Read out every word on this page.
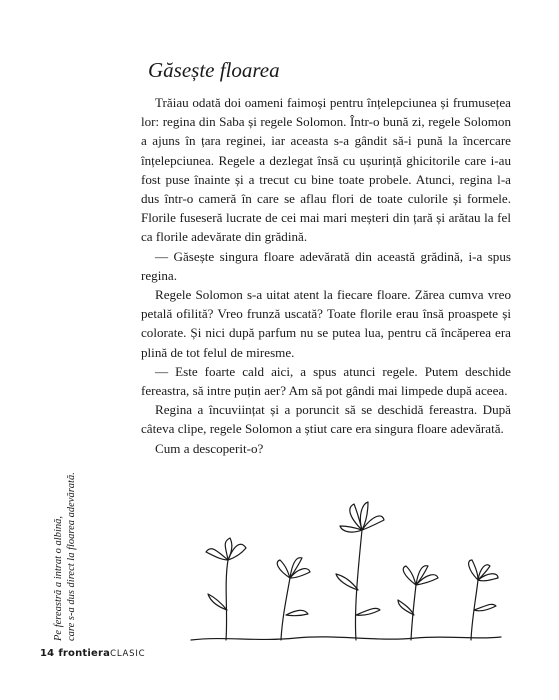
Găsește floarea

Trăiau odată doi oameni faimoși pentru înțelepciunea și frumusețea lor: regina din Saba și regele Solomon. Într-o bună zi, regele Solomon a ajuns în țara reginei, iar aceasta s-a gândit să-i pună la încercare înțelepciunea. Regele a dezlegat însă cu ușurință ghicitorile care i-au fost puse înainte și a trecut cu bine toate probele. Atunci, regina l-a dus într-o cameră în care se aflau flori de toate culorile și formele. Florile fuseseră lucrate de cei mai mari meșteri din țară și arătau la fel ca florile adevărate din grădină.

— Găsește singura floare adevărată din această grădină, i-a spus regina.

Regele Solomon s-a uitat atent la fiecare floare. Zărea cumva vreo petală ofilită? Vreo frunză uscată? Toate florile erau însă proaspete și colorate. Și nici după parfum nu se putea lua, pentru că încăperea era plină de tot felul de miresme.

— Este foarte cald aici, a spus atunci regele. Putem deschide fereastra, să intre puțin aer? Am să pot gândi mai limpede după aceea.

Regina a încuviințat și a poruncit să se deschidă fereastra. După câteva clipe, regele Solomon a știut care era singura floare adevărată.

Cum a descoperit-o?

Pe fereastră a intrat o albină, care s-a dus direct la floarea adevărată.
14 frontieraCLASIC
